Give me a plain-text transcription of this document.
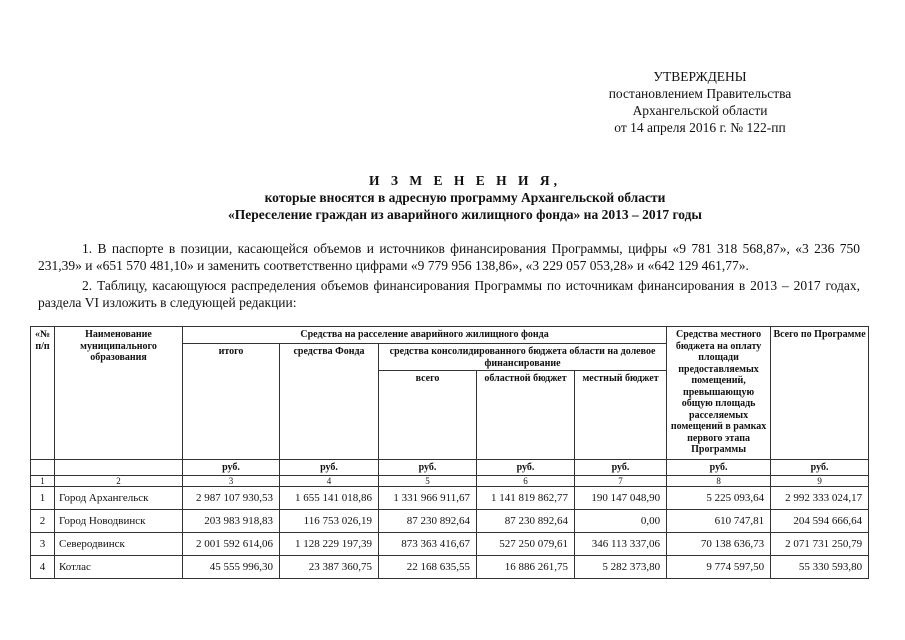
УТВЕРЖДЕНЫ
постановлением Правительства
Архангельской области
от 14 апреля 2016 г. № 122-пп
И З М Е Н Е Н И Я,
которые вносятся в адресную программу Архангельской области
«Переселение граждан из аварийного жилищного фонда» на 2013 – 2017 годы
1. В паспорте в позиции, касающейся объемов и источников финансирования Программы, цифры «9 781 318 568,87», «3 236 750 231,39» и «651 570 481,10» и заменить соответственно цифрами «9 779 956 138,86», «3 229 057 053,28» и «642 129 461,77».
2. Таблицу, касающуюся распределения объемов финансирования Программы по источникам финансирования в 2013 – 2017 годах, раздела VI изложить в следующей редакции:
«№ п/п	Наименование муниципального образования	Средства на расселение аварийного жилищного фонда					Средства местного бюджета на оплату площади предоставляемых помещений, превышающую общую площадь расселяемых помещений в рамках первого этапа Программы	Всего по Программе
		итого	средства Фонда	средства консолидированного бюджета области на долевое финансирование				
				всего	областной бюджет	местный бюджет		
		руб.	руб.	руб.	руб.	руб.	руб.	руб.
1	2	3	4	5	6	7	8	9
1	Город Архангельск	2 987 107 930,53	1 655 141 018,86	1 331 966 911,67	1 141 819 862,77	190 147 048,90	5 225 093,64	2 992 333 024,17
2	Город Новодвинск	203 983 918,83	116 753 026,19	87 230 892,64	87 230 892,64	0,00	610 747,81	204 594 666,64
3	Северодвинск	2 001 592 614,06	1 128 229 197,39	873 363 416,67	527 250 079,61	346 113 337,06	70 138 636,73	2 071 731 250,79
4	Котлас	45 555 996,30	23 387 360,75	22 168 635,55	16 886 261,75	5 282 373,80	9 774 597,50	55 330 593,80
